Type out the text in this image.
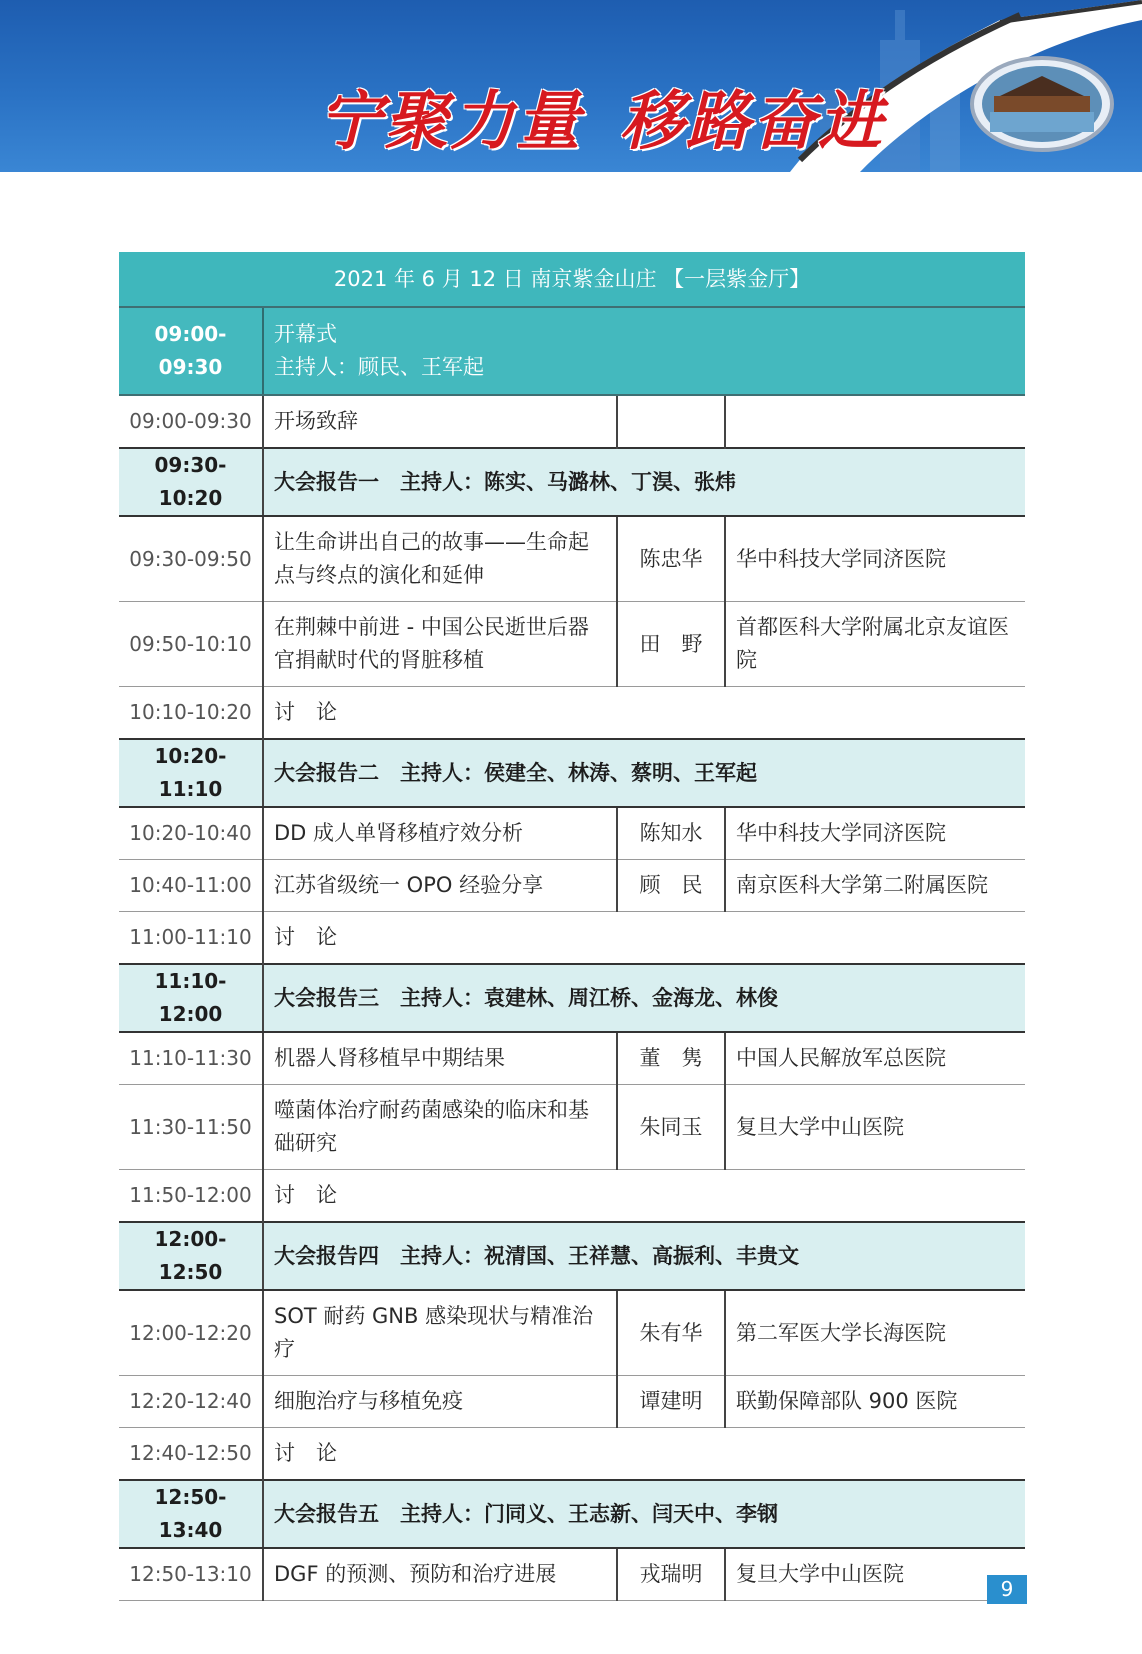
宁聚力量 移路奋进
2021 年 6 月 12 日 南京紫金山庄 【一层紫金厅】			
09:00-09:30	开幕式
主持人：顾民、王军起		

09:00-09:30	开场致辞		
09:30-10:20	大会报告一　主持人：陈实、马潞林、丁淏、张炜		
09:30-09:50	让生命讲出自己的故事——生命起点与终点的演化和延伸	陈忠华	华中科技大学同济医院
09:50-10:10	在荆棘中前进 - 中国公民逝世后器官捐献时代的肾脏移植	田　野	首都医科大学附属北京友谊医院
10:10-10:20	讨　论		
10:20-11:10	大会报告二　主持人：侯建全、林涛、蔡明、王军起		
10:20-10:40	DD 成人单肾移植疗效分析	陈知水	华中科技大学同济医院
10:40-11:00	江苏省级统一 OPO 经验分享	顾　民	南京医科大学第二附属医院
11:00-11:10	讨　论		
11:10-12:00	大会报告三　主持人：袁建林、周江桥、金海龙、林俊		
11:10-11:30	机器人肾移植早中期结果	董　隽	中国人民解放军总医院
11:30-11:50	噬菌体治疗耐药菌感染的临床和基础研究	朱同玉	复旦大学中山医院
11:50-12:00	讨　论		
12:00-12:50	大会报告四　主持人：祝清国、王祥慧、高振利、丰贵文		
12:00-12:20	SOT 耐药 GNB 感染现状与精准治疗	朱有华	第二军医大学长海医院
12:20-12:40	细胞治疗与移植免疫	谭建明	联勤保障部队 900 医院
12:40-12:50	讨　论		
12:50-13:40	大会报告五　主持人：门同义、王志新、闫天中、李钢		
12:50-13:10	DGF 的预测、预防和治疗进展	戎瑞明	复旦大学中山医院
9
